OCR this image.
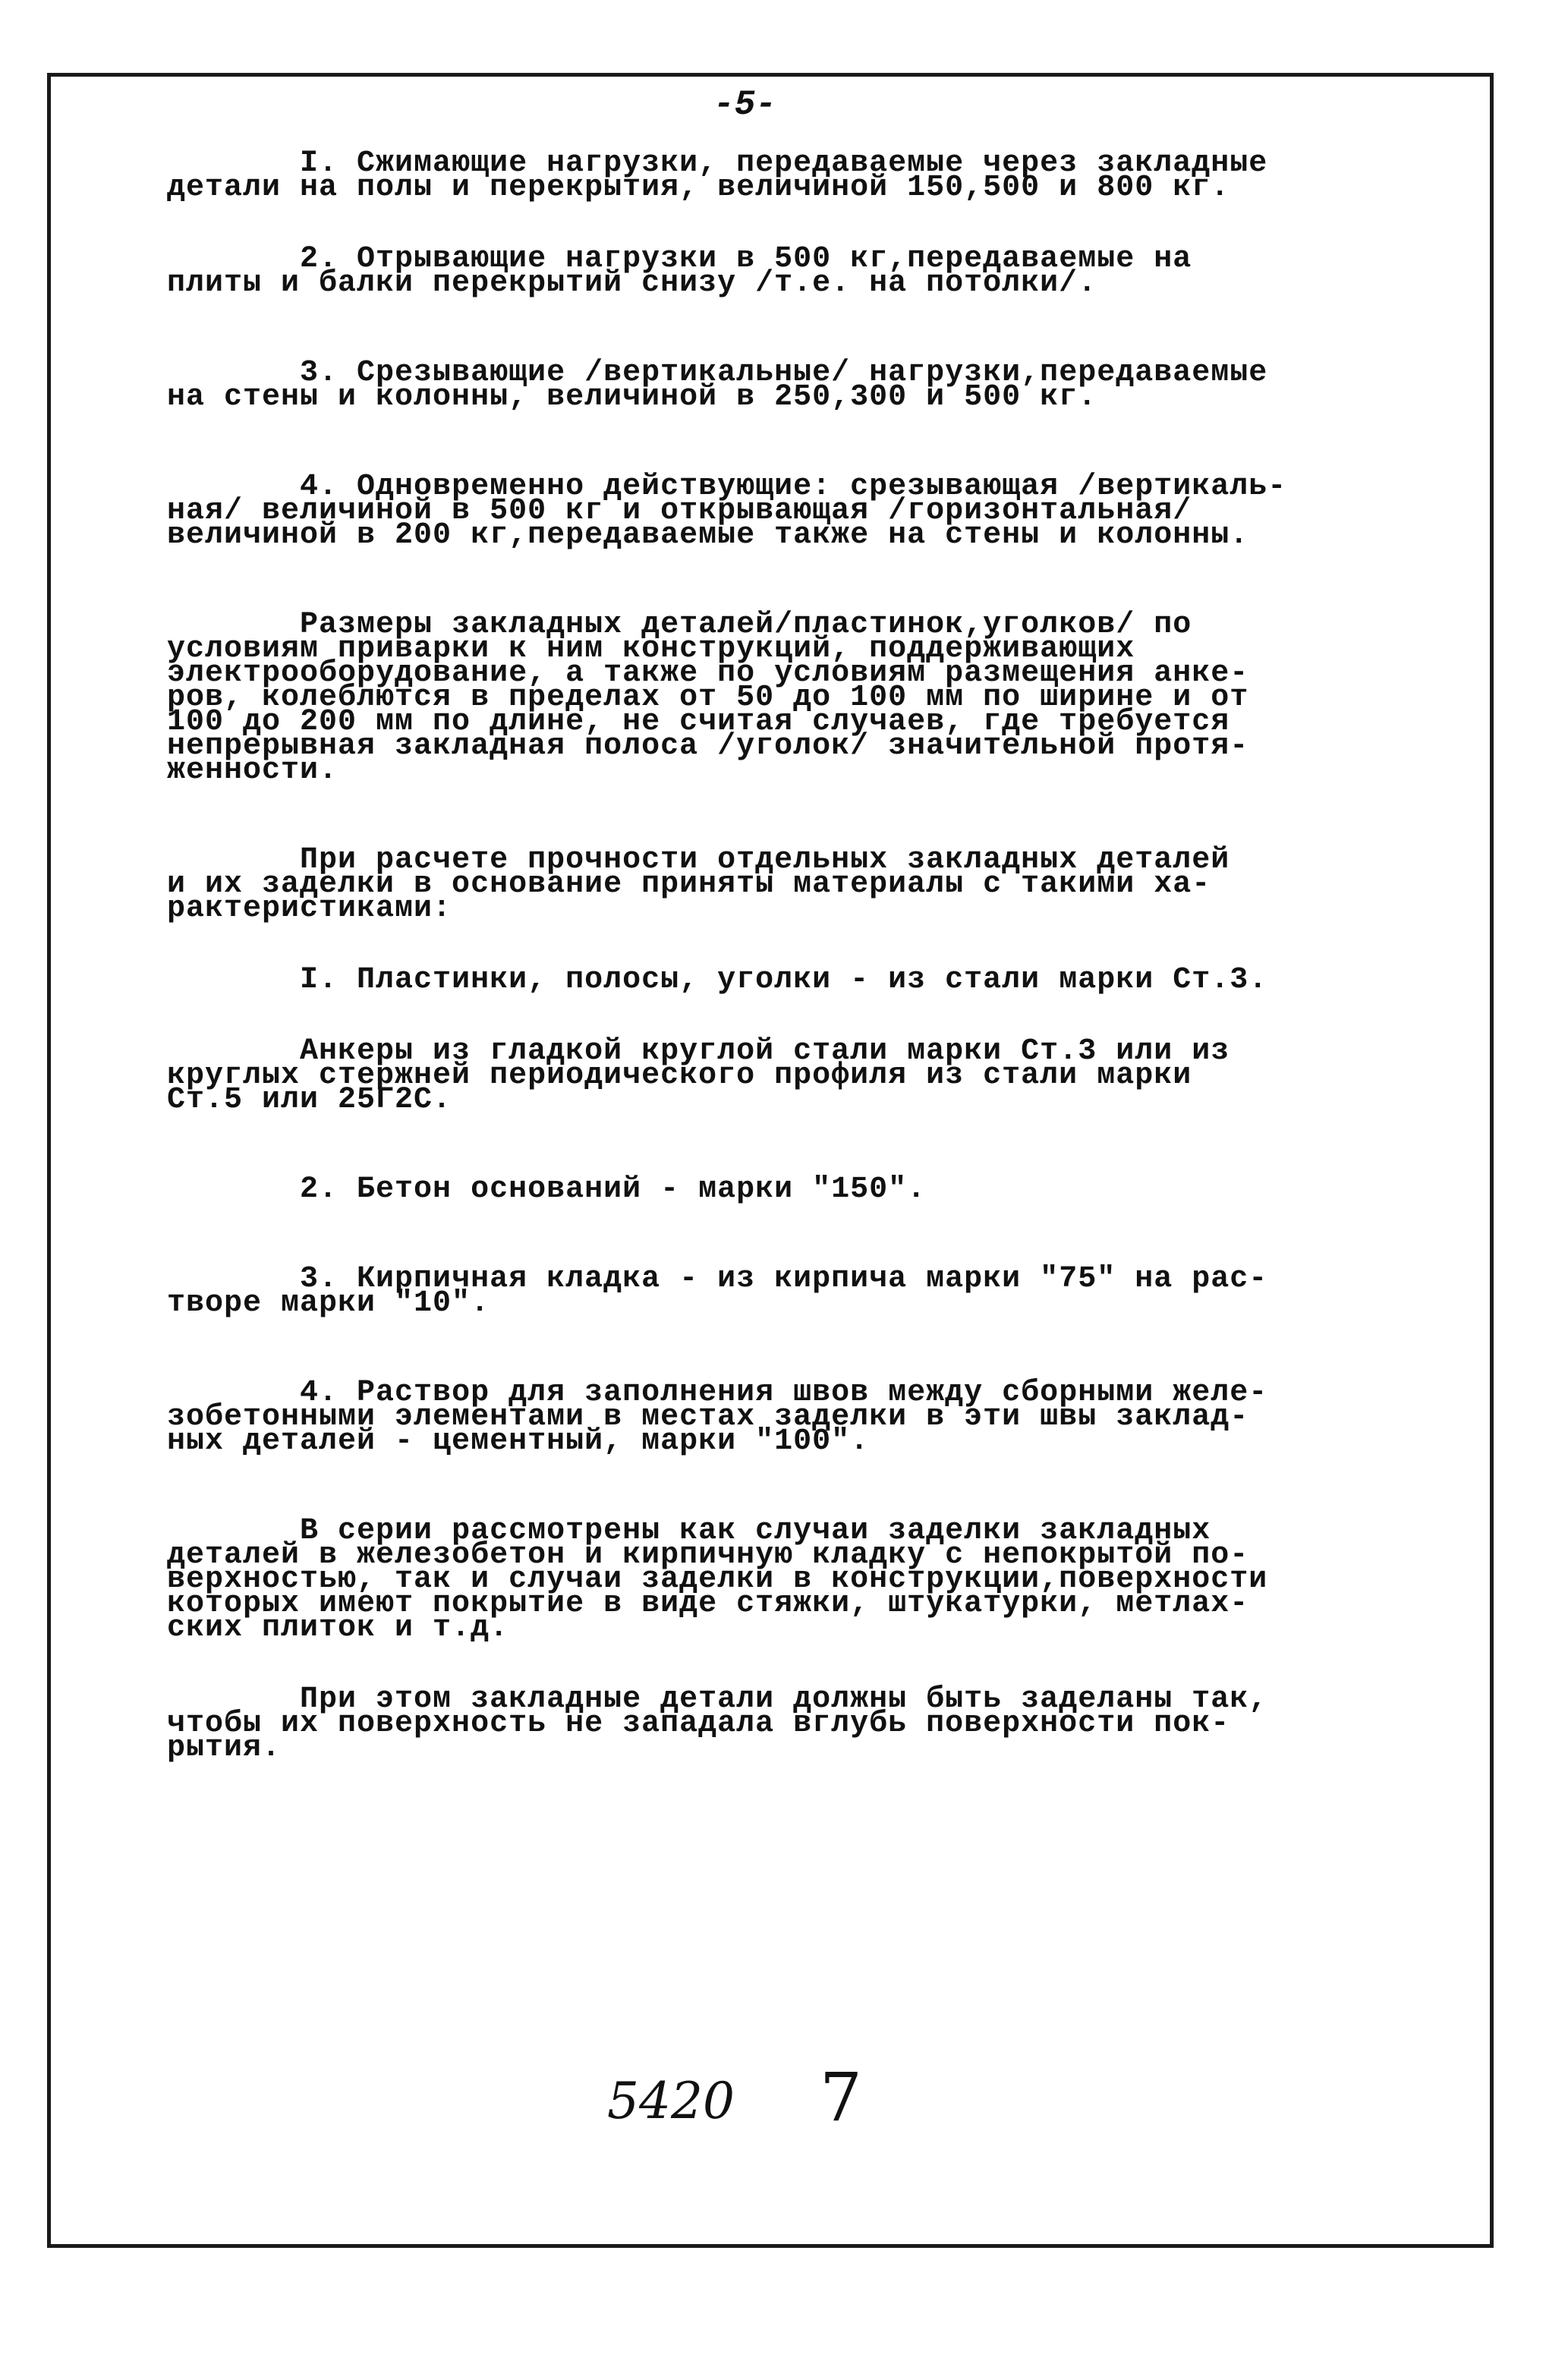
-5-

I. Сжимающие нагрузки, передаваемые через закладные
детали на полы и перекрытия, величиной 150,500 и 800 кг.

2. Отрывающие нагрузки в 500 кг,передаваемые на
плиты и балки перекрытий снизу /т.е. на потолки/.

3. Срезывающие /вертикальные/ нагрузки,передаваемые
на стены и колонны, величиной в 250,300 и 500 кг.

4. Одновременно действующие: срезывающая /вертикаль-
ная/ величиной в 500 кг и открывающая /горизонтальная/
величиной в 200 кг,передаваемые также на стены и колонны.

Размеры закладных деталей/пластинок,уголков/ по
условиям приварки к ним конструкций, поддерживающих
электрооборудование, а также по условиям размещения анке-
ров, колеблются в пределах от 50 до 100 мм по ширине и от
100 до 200 мм по длине, не считая случаев, где требуется
непрерывная закладная полоса /уголок/ значительной протя-
женности.

При расчете прочности отдельных закладных деталей
и их заделки в основание приняты материалы с такими ха-
рактеристиками:

I. Пластинки, полосы, уголки - из стали марки Ст.3.

Анкеры из гладкой круглой стали марки Ст.3 или из
круглых стержней периодического профиля из стали марки
Ст.5 или 25Г2С.

2. Бетон оснований - марки "150".

3. Кирпичная кладка - из кирпича марки "75" на рас-
творе марки "10".

4. Раствор для заполнения швов между сборными желе-
зобетонными элементами в местах заделки в эти швы заклад-
ных деталей - цементный, марки "100".

В серии рассмотрены как случаи заделки закладных
деталей в железобетон и кирпичную кладку с непокрытой по-
верхностью, так и случаи заделки в конструкции,поверхности
которых имеют покрытие в виде стяжки, штукатурки, метлах-
ских плиток и т.д.

При этом закладные детали должны быть заделаны так,
чтобы их поверхность не западала вглубь поверхности пок-
рытия.

5420 7
